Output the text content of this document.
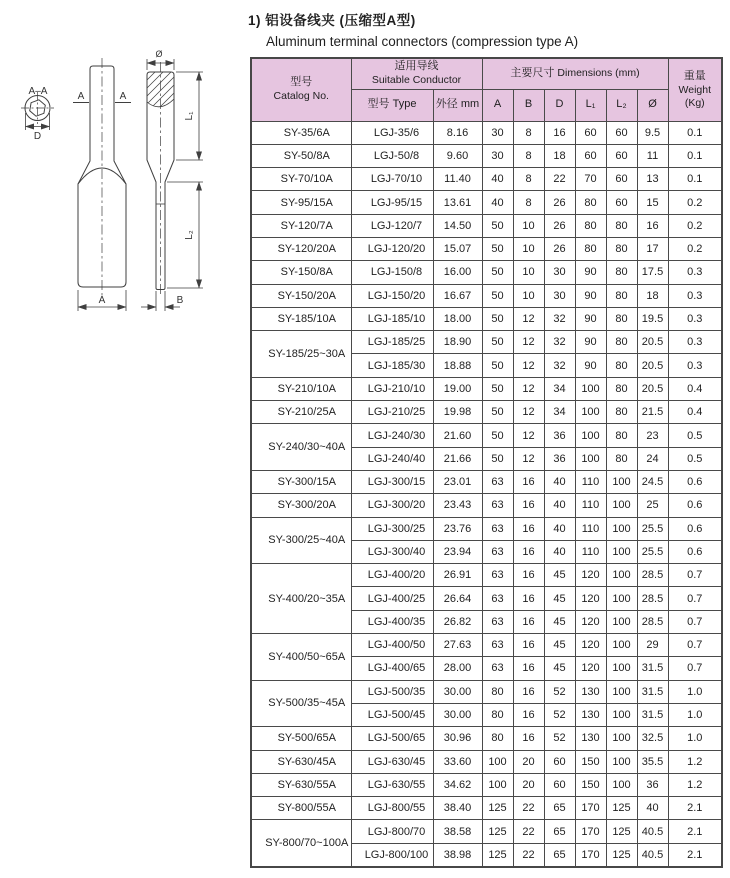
1) 铝设备线夹 (压缩型A型)
Aluminum terminal connectors (compression type A)
A–A
D
A	A
A
Ø
L₁
L₂
B
型号
Catalog No.

适用导线
Suitable Conductor
	主要尺寸 Dimensions (mm)	重量
Weight
(Kg)

	型号 Type	外径 mm	A	B	D	L₁	L₂	Ø	
SY-35/6A	LGJ-35/6	8.16	30	8	16	60	60	9.5	0.1
SY-50/8A	LGJ-50/8	9.60	30	8	18	60	60	11	0.1
SY-70/10A	LGJ-70/10	11.40	40	8	22	70	60	13	0.1
SY-95/15A	LGJ-95/15	13.61	40	8	26	80	60	15	0.2
SY-120/7A	LGJ-120/7	14.50	50	10	26	80	80	16	0.2
SY-120/20A	LGJ-120/20	15.07	50	10	26	80	80	17	0.2
SY-150/8A	LGJ-150/8	16.00	50	10	30	90	80	17.5	0.3
SY-150/20A	LGJ-150/20	16.67	50	10	30	90	80	18	0.3
SY-185/10A	LGJ-185/10	18.00	50	12	32	90	80	19.5	0.3
SY-185/25~30A	LGJ-185/25	18.90	50	12	32	90	80	20.5	0.3
	LGJ-185/30	18.88	50	12	32	90	80	20.5	0.3
SY-210/10A	LGJ-210/10	19.00	50	12	34	100	80	20.5	0.4
SY-210/25A	LGJ-210/25	19.98	50	12	34	100	80	21.5	0.4
SY-240/30~40A	LGJ-240/30	21.60	50	12	36	100	80	23	0.5
	LGJ-240/40	21.66	50	12	36	100	80	24	0.5
SY-300/15A	LGJ-300/15	23.01	63	16	40	110	100	24.5	0.6
SY-300/20A	LGJ-300/20	23.43	63	16	40	110	100	25	0.6
SY-300/25~40A	LGJ-300/25	23.76	63	16	40	110	100	25.5	0.6
	LGJ-300/40	23.94	63	16	40	110	100	25.5	0.6
SY-400/20~35A	LGJ-400/20	26.91	63	16	45	120	100	28.5	0.7
	LGJ-400/25	26.64	63	16	45	120	100	28.5	0.7
	LGJ-400/35	26.82	63	16	45	120	100	28.5	0.7
SY-400/50~65A	LGJ-400/50	27.63	63	16	45	120	100	29	0.7
	LGJ-400/65	28.00	63	16	45	120	100	31.5	0.7
SY-500/35~45A	LGJ-500/35	30.00	80	16	52	130	100	31.5	1.0
	LGJ-500/45	30.00	80	16	52	130	100	31.5	1.0
SY-500/65A	LGJ-500/65	30.96	80	16	52	130	100	32.5	1.0
SY-630/45A	LGJ-630/45	33.60	100	20	60	150	100	35.5	1.2
SY-630/55A	LGJ-630/55	34.62	100	20	60	150	100	36	1.2
SY-800/55A	LGJ-800/55	38.40	125	22	65	170	125	40	2.1
SY-800/70~100A	LGJ-800/70	38.58	125	22	65	170	125	40.5	2.1
	LGJ-800/100	38.98	125	22	65	170	125	40.5	2.1
